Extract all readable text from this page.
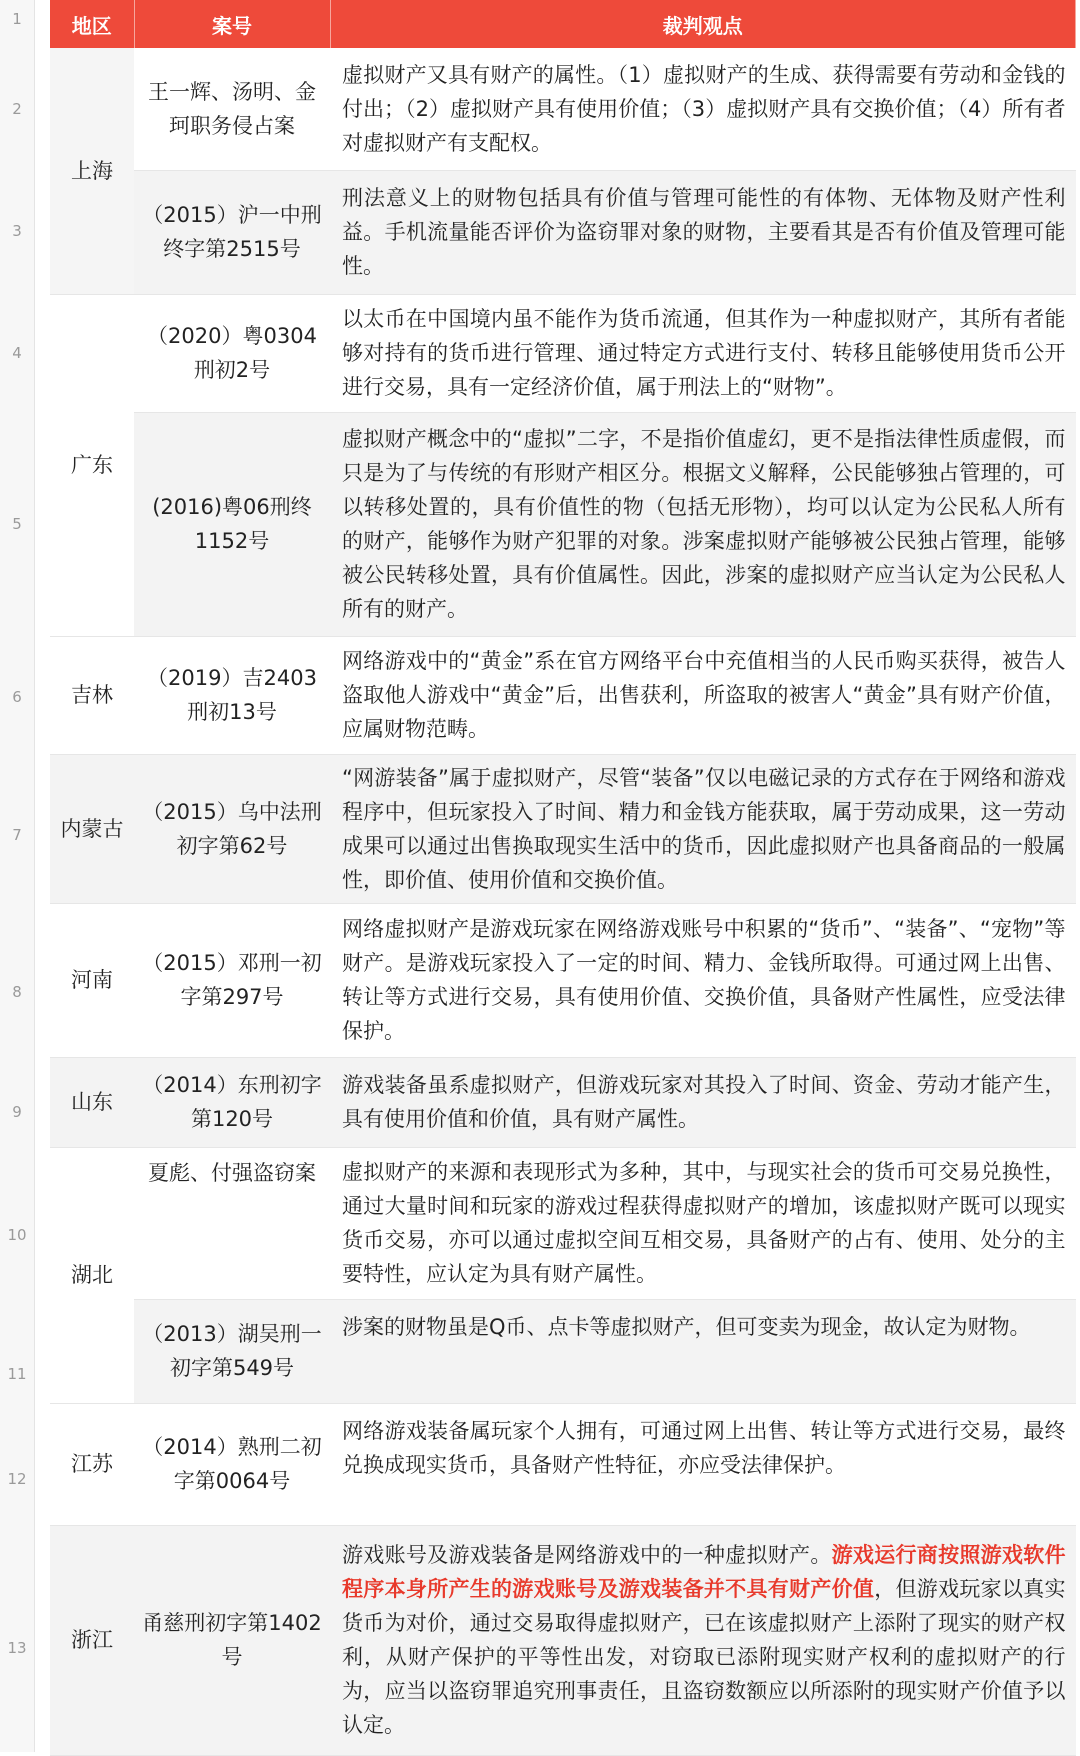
1
2
3
4
5
6
7
8
9
10
11
12
13
地区	案号	裁判观点
上海	王一辉、汤明、金珂职务侵占案	虚拟财产又具有财产的属性。（1）虚拟财产的生成、获得需要有劳动和金钱的付出；（2）虚拟财产具有使用价值；（3）虚拟财产具有交换价值；（4）所有者对虚拟财产有支配权。
	（2015）沪一中刑终字第2515号	刑法意义上的财物包括具有价值与管理可能性的有体物、无体物及财产性利益。手机流量能否评价为盗窃罪对象的财物，主要看其是否有价值及管理可能性。
广东	（2020）粤0304刑初2号	以太币在中国境内虽不能作为货币流通，但其作为一种虚拟财产，其所有者能够对持有的货币进行管理、通过特定方式进行支付、转移且能够使用货币公开进行交易，具有一定经济价值，属于刑法上的“财物”。
	(2016)粤06刑终1152号	虚拟财产概念中的“虚拟”二字，不是指价值虚幻，更不是指法律性质虚假，而只是为了与传统的有形财产相区分。根据文义解释，公民能够独占管理的，可以转移处置的，具有价值性的物（包括无形物），均可以认定为公民私人所有的财产，能够作为财产犯罪的对象。涉案虚拟财产能够被公民独占管理，能够被公民转移处置，具有价值属性。因此，涉案的虚拟财产应当认定为公民私人所有的财产。
吉林	（2019）吉2403刑初13号	网络游戏中的“黄金”系在官方网络平台中充值相当的人民币购买获得，被告人盗取他人游戏中“黄金”后，出售获利，所盗取的被害人“黄金”具有财产价值，应属财物范畴。
内蒙古	（2015）乌中法刑初字第62号	“网游装备”属于虚拟财产，尽管“装备”仅以电磁记录的方式存在于网络和游戏程序中，但玩家投入了时间、精力和金钱方能获取，属于劳动成果，这一劳动成果可以通过出售换取现实生活中的货币，因此虚拟财产也具备商品的一般属性，即价值、使用价值和交换价值。
河南	（2015）邓刑一初字第297号	网络虚拟财产是游戏玩家在网络游戏账号中积累的“货币”、“装备”、“宠物”等财产。是游戏玩家投入了一定的时间、精力、金钱所取得。可通过网上出售、转让等方式进行交易，具有使用价值、交换价值，具备财产性属性，应受法律保护。
山东	（2014）东刑初字第120号	游戏装备虽系虚拟财产，但游戏玩家对其投入了时间、资金、劳动才能产生，具有使用价值和价值，具有财产属性。
湖北	夏彪、付强盗窃案	虚拟财产的来源和表现形式为多种，其中，与现实社会的货币可交易兑换性，通过大量时间和玩家的游戏过程获得虚拟财产的增加，该虚拟财产既可以现实货币交易，亦可以通过虚拟空间互相交易，具备财产的占有、使用、处分的主要特性，应认定为具有财产属性。
	（2013）湖吴刑一初字第549号	涉案的财物虽是Q币、点卡等虚拟财产，但可变卖为现金，故认定为财物。
江苏	（2014）熟刑二初字第0064号	网络游戏装备属玩家个人拥有，可通过网上出售、转让等方式进行交易，最终兑换成现实货币，具备财产性特征，亦应受法律保护。
浙江	甬慈刑初字第1402号	游戏账号及游戏装备是网络游戏中的一种虚拟财产。游戏运行商按照游戏软件程序本身所产生的游戏账号及游戏装备并不具有财产价值，但游戏玩家以真实货币为对价，通过交易取得虚拟财产，已在该虚拟财产上添附了现实的财产权利，从财产保护的平等性出发，对窃取已添附现实财产权利的虚拟财产的行为，应当以盗窃罪追究刑事责任，且盗窃数额应以所添附的现实财产价值予以认定。
